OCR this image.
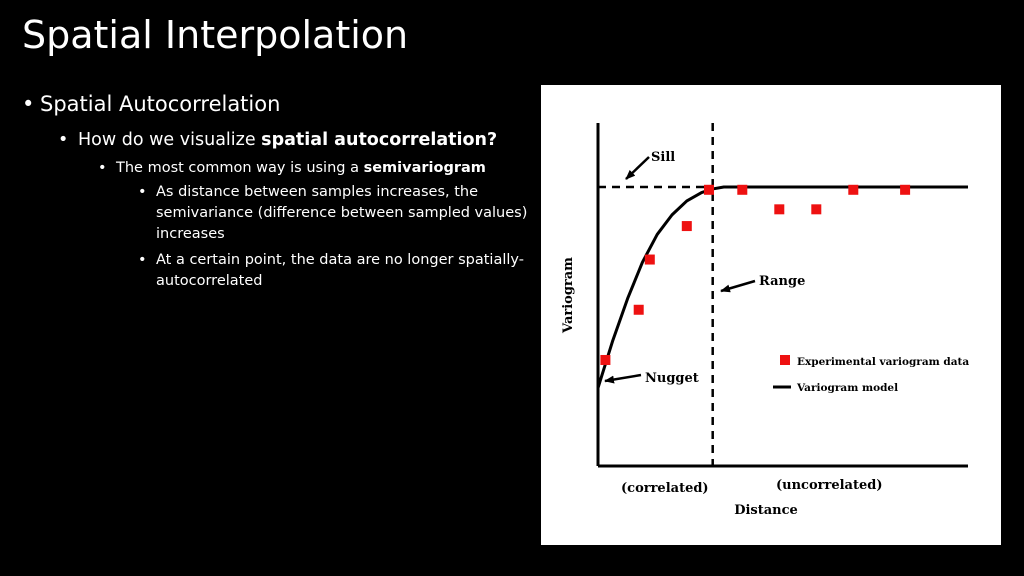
Spatial Interpolation
• Spatial Autocorrelation
• How do we visualize spatial autocorrelation?
• The most common way is using a semivariogram
• As distance between samples increases, the semivariance (difference between sampled values) increases
• At a certain point, the data are no longer spatially-autocorrelated
Sill
Range
Nugget
Experimental variogram data
Variogram model
(correlated)	(uncorrelated)
Distance
Variogram
